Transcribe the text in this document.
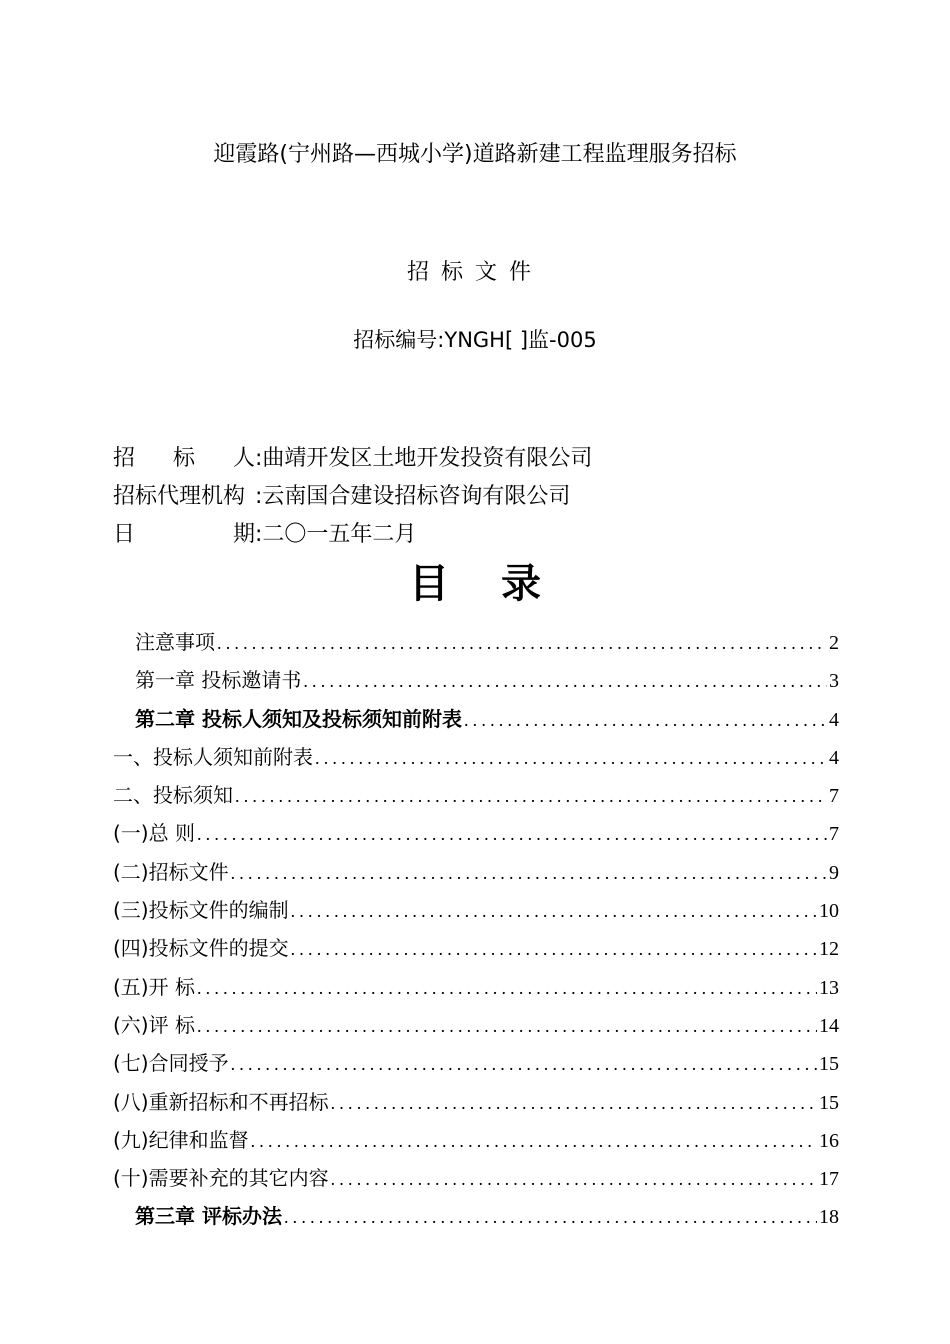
迎霞路(宁州路—西城小学)道路新建工程监理服务招标
招标文件
招标编号:YNGH[ ]监-005
招 标 人 : 曲靖开发区土地开发投资有限公司
招标代理机构 : 云南国合建设招标咨询有限公司
日	期 : 二〇一五年二月
目 录
注意事项 .....	2
第一章 投标邀请书 .....	3
第二章 投标人须知及投标须知前附表 .....	4
一、投标人须知前附表 .....	4
二、投标须知 .....	7
(一)总 则 .....	7
(二)招标文件 .....	9
(三)投标文件的编制 .....	10
(四)投标文件的提交 .....	12
(五)开 标 .....	13
(六)评 标 .....	14
(七)合同授予 .....	15
(八)重新招标和不再招标 .....	15
(九)纪律和监督 .....	16
(十)需要补充的其它内容 .....	17
第三章 评标办法 .....	18
